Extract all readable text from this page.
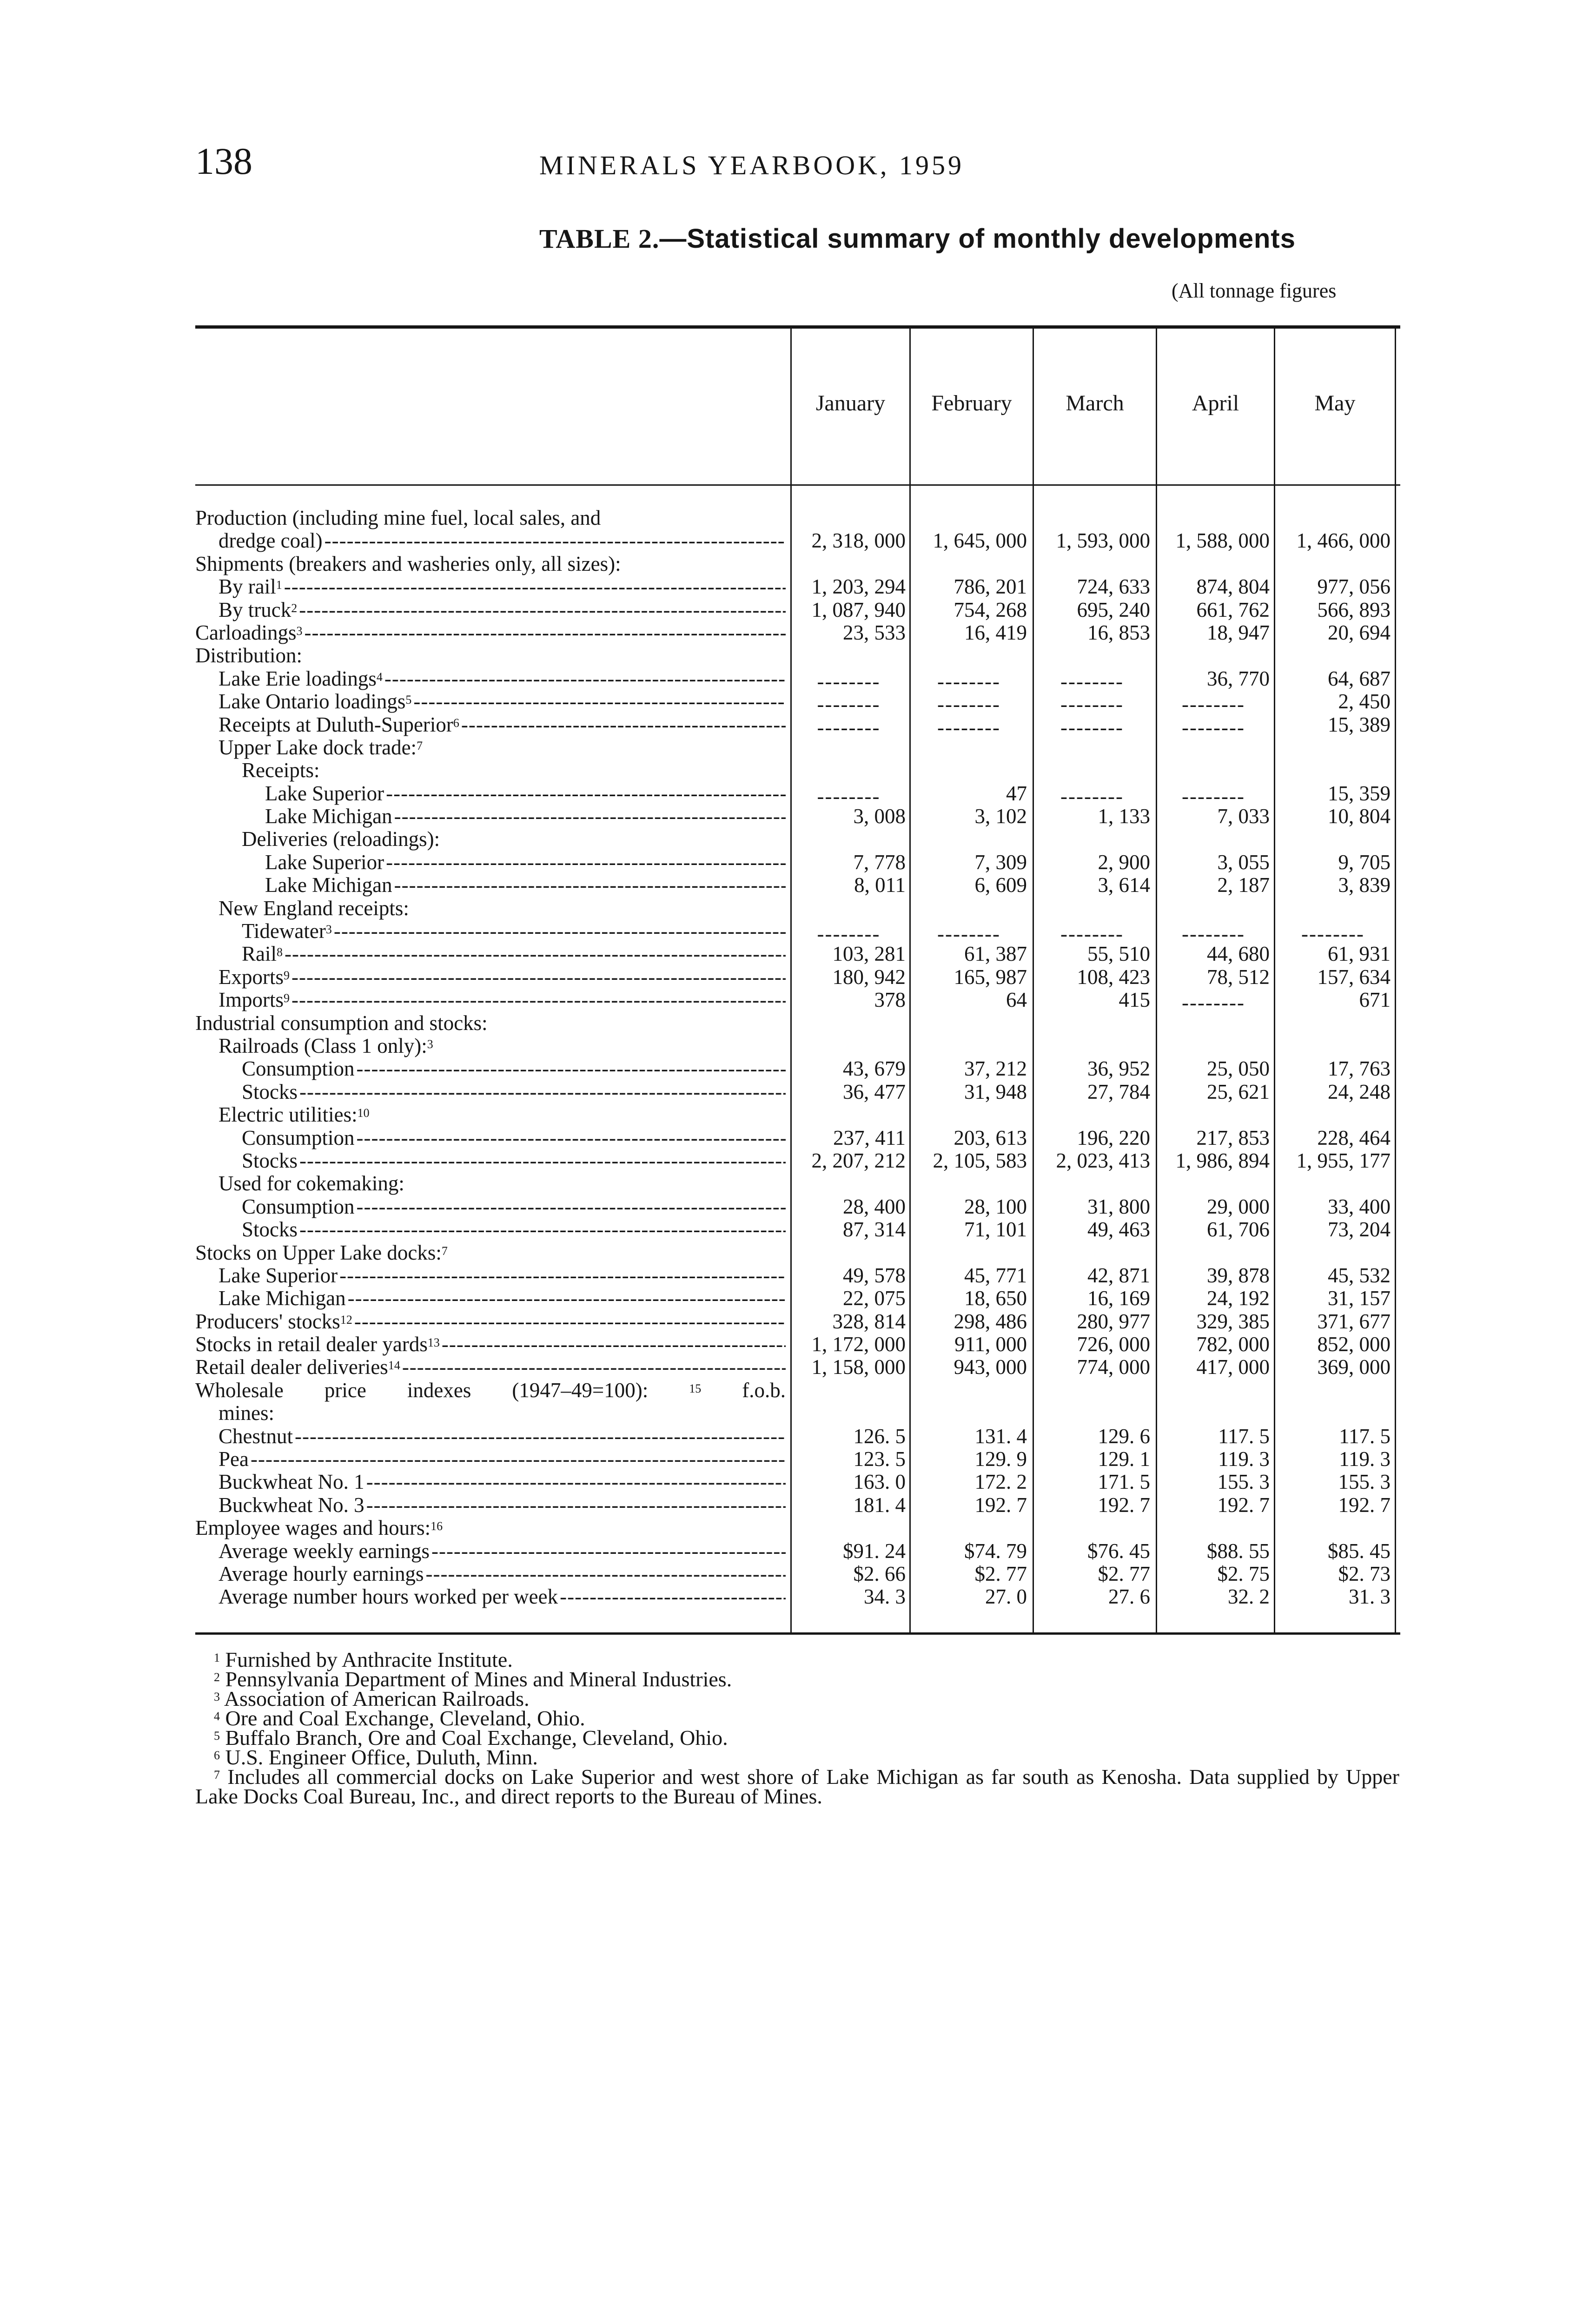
138	MINERALS YEARBOOK, 1959
TABLE 2.—Statistical summary of monthly developments
(All tonnage figures
January	February	March	April	May
Production (including mine fuel, local sales, and
dredge coal) -----	2, 318, 000	1, 645, 000	1, 593, 000	1, 588, 000	1, 466, 000
Shipments (breakers and washeries only, all sizes):
By rail$^1$ -----	1, 203, 294	786, 201	724, 633	874, 804	977, 056
By truck$^2$ -----	1, 087, 940	754, 268	695, 240	661, 762	566, 893
Carloadings$^3$ -----	23, 533	16, 419	16, 853	18, 947	20, 694
Distribution:
Lake Erie loadings$^4$ -----	--------	--------	--------	36, 770	64, 687
Lake Ontario loadings$^5$ -----	--------	--------	--------	--------	2, 450
Receipts at Duluth-Superior$^6$ -----	--------	--------	--------	--------	15, 389
Upper Lake dock trade:$^7$
Receipts:
Lake Superior -----	--------	47	--------	--------	15, 359
Lake Michigan -----	3, 008	3, 102	1, 133	7, 033	10, 804
Deliveries (reloadings):
Lake Superior -----	7, 778	7, 309	2, 900	3, 055	9, 705
Lake Michigan -----	8, 011	6, 609	3, 614	2, 187	3, 839
New England receipts:
Tidewater$^3$ -----	--------	--------	--------	--------	--------
Rail$^8$ -----	103, 281	61, 387	55, 510	44, 680	61, 931
Exports$^9$ -----	180, 942	165, 987	108, 423	78, 512	157, 634
Imports$^9$ -----	378	64	415	--------	671
Industrial consumption and stocks:
Railroads (Class 1 only):$^3$
Consumption -----	43, 679	37, 212	36, 952	25, 050	17, 763
Stocks -----	36, 477	31, 948	27, 784	25, 621	24, 248
Electric utilities:$^{10}$
Consumption -----	237, 411	203, 613	196, 220	217, 853	228, 464
Stocks -----	2, 207, 212	2, 105, 583	2, 023, 413	1, 986, 894	1, 955, 177
Used for cokemaking:
Consumption -----	28, 400	28, 100	31, 800	29, 000	33, 400
Stocks -----	87, 314	71, 101	49, 463	61, 706	73, 204
Stocks on Upper Lake docks:$^7$
Lake Superior -----	49, 578	45, 771	42, 871	39, 878	45, 532
Lake Michigan -----	22, 075	18, 650	16, 169	24, 192	31, 157
Producers' stocks$^{12}$ -----	328, 814	298, 486	280, 977	329, 385	371, 677
Stocks in retail dealer yards$^{13}$ -----	1, 172, 000	911, 000	726, 000	782, 000	852, 000
Retail dealer deliveries$^{14}$ -----	1, 158, 000	943, 000	774, 000	417, 000	369, 000
Wholesale price indexes (1947–49=100): $^{15}$ f.o.b.
mines:
Chestnut -----	126. 5	131. 4	129. 6	117. 5	117. 5
Pea -----	123. 5	129. 9	129. 1	119. 3	119. 3
Buckwheat No. 1 -----	163. 0	172. 2	171. 5	155. 3	155. 3
Buckwheat No. 3 -----	181. 4	192. 7	192. 7	192. 7	192. 7
Employee wages and hours:$^{16}$
Average weekly earnings -----	$91. 24	$74. 79	$76. 45	$88. 55	$85. 45
Average hourly earnings -----	$2. 66	$2. 77	$2. 77	$2. 75	$2. 73
Average number hours worked per week -----	34. 3	27. 0	27. 6	32. 2	31. 3

$^1$ Furnished by Anthracite Institute.

$^2$ Pennsylvania Department of Mines and Mineral Industries.

$^3$ Association of American Railroads.

$^4$ Ore and Coal Exchange, Cleveland, Ohio.

$^5$ Buffalo Branch, Ore and Coal Exchange, Cleveland, Ohio.

$^6$ U.S. Engineer Office, Duluth, Minn.

$^7$ Includes all commercial docks on Lake Superior and west shore of Lake Michigan as far south as Kenosha. Data supplied by Upper Lake Docks Coal Bureau, Inc., and direct reports to the Bureau of Mines.
